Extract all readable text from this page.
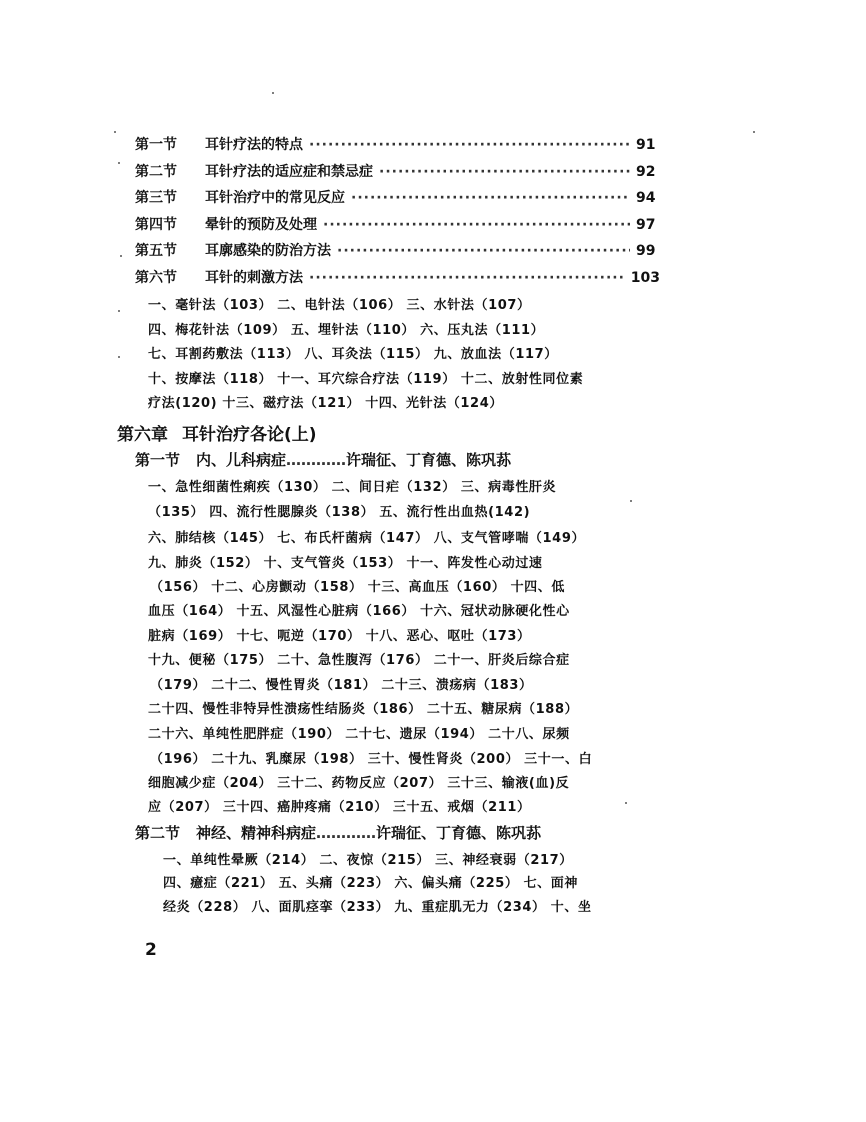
第一节	耳针疗法的特点 ·····	91
第二节	耳针疗法的适应症和禁忌症 ·····	92
第三节	耳针治疗中的常见反应 ·····	94
第四节	晕针的预防及处理 ·····	97
第五节	耳廓感染的防治方法 ·····	99
第六节	耳针的刺激方法 ·····	103
一、毫针法（103） 二、电针法（106） 三、水针法（107）
四、梅花针法（109） 五、埋针法（110） 六、压丸法（111）
七、耳割药敷法（113） 八、耳灸法（115） 九、放血法（117）
十、按摩法（118） 十一、耳穴综合疗法（119） 十二、放射性同位素
疗法(120) 十三、磁疗法（121） 十四、光针法（124）
第六章 耳针治疗各论(上)
第一节 内、儿科病症 ………… 许瑞征、丁育德、陈巩荪
一、急性细菌性痢疾（130） 二、间日疟（132） 三、病毒性肝炎
（135） 四、流行性腮腺炎（138） 五、流行性出血热(142)
六、肺结核（145） 七、布氏杆菌病（147） 八、支气管哮喘（149）
九、肺炎（152） 十、支气管炎（153） 十一、阵发性心动过速
（156） 十二、心房颤动（158） 十三、高血压（160） 十四、低
血压（164） 十五、风湿性心脏病（166） 十六、冠状动脉硬化性心
脏病（169） 十七、呃逆（170） 十八、恶心、呕吐（173）
十九、便秘（175） 二十、急性腹泻（176） 二十一、肝炎后综合症
（179） 二十二、慢性胃炎（181） 二十三、溃疡病（183）
二十四、慢性非特异性溃疡性结肠炎（186） 二十五、糖尿病（188）
二十六、单纯性肥胖症（190） 二十七、遗尿（194） 二十八、尿频
（196） 二十九、乳糜尿（198） 三十、慢性肾炎（200） 三十一、白
细胞减少症（204） 三十二、药物反应（207） 三十三、输液(血)反
应（207） 三十四、癌肿疼痛（210） 三十五、戒烟（211）
第二节 神经、精神科病症 ………… 许瑞征、丁育德、陈巩荪
一、单纯性晕厥（214） 二、夜惊（215） 三、神经衰弱（217）
四、癔症（221） 五、头痛（223） 六、偏头痛（225） 七、面神
经炎（228） 八、面肌痉挛（233） 九、重症肌无力（234） 十、坐
2
